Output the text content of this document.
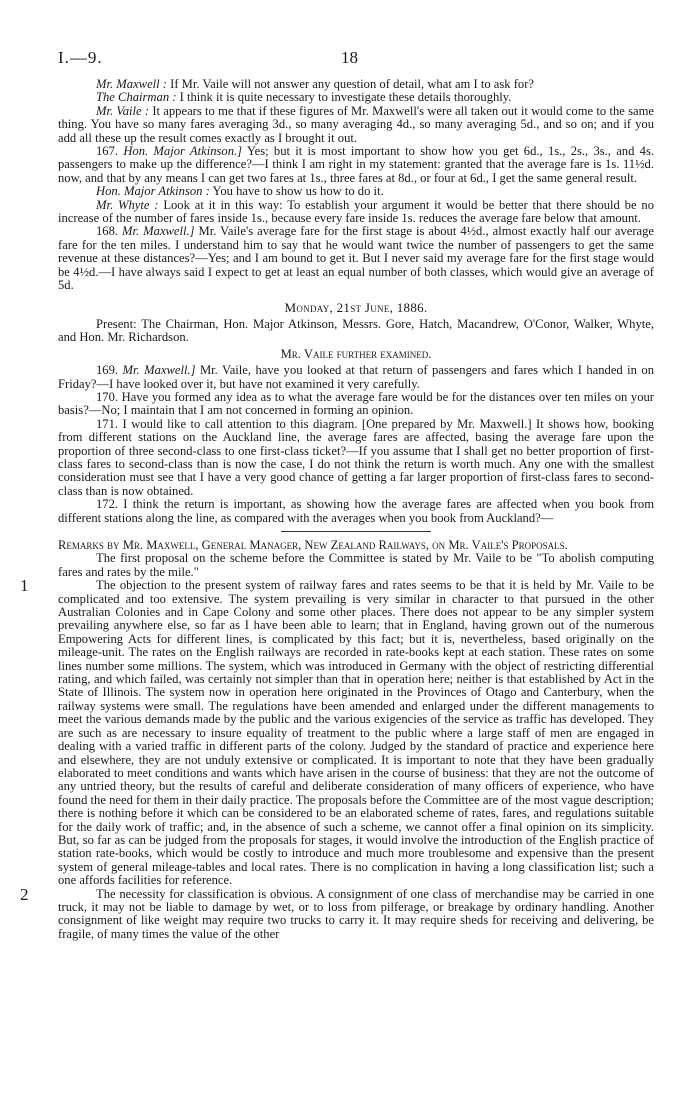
I.—9.	18

Mr. Maxwell : If Mr. Vaile will not answer any question of detail, what am I to ask for?

The Chairman : I think it is quite necessary to investigate these details thoroughly.

Mr. Vaile : It appears to me that if these figures of Mr. Maxwell's were all taken out it would come to the same thing. You have so many fares averaging 3d., so many averaging 4d., so many averaging 5d., and so on; and if you add all these up the result comes exactly as I brought it out.

167. Hon. Major Atkinson.] Yes; but it is most important to show how you get 6d., 1s., 2s., 3s., and 4s. passengers to make up the difference?—I think I am right in my statement: granted that the average fare is 1s. 11½d. now, and that by any means I can get two fares at 1s., three fares at 8d., or four at 6d., I get the same general result.

Hon. Major Atkinson : You have to show us how to do it.

Mr. Whyte : Look at it in this way: To establish your argument it would be better that there should be no increase of the number of fares inside 1s., because every fare inside 1s. reduces the average fare below that amount.

168. Mr. Maxwell.] Mr. Vaile's average fare for the first stage is about 4½d., almost exactly half our average fare for the ten miles. I understand him to say that he would want twice the number of passengers to get the same revenue at these distances?—Yes; and I am bound to get it. But I never said my average fare for the first stage would be 4½d.—I have always said I expect to get at least an equal number of both classes, which would give an average of 5d.

Monday, 21st June, 1886.

Present: The Chairman, Hon. Major Atkinson, Messrs. Gore, Hatch, Macandrew, O'Conor, Walker, Whyte, and Hon. Mr. Richardson.

Mr. Vaile further examined.

169. Mr. Maxwell.] Mr. Vaile, have you looked at that return of passengers and fares which I handed in on Friday?—I have looked over it, but have not examined it very carefully.

170. Have you formed any idea as to what the average fare would be for the distances over ten miles on your basis?—No; I maintain that I am not concerned in forming an opinion.

171. I would like to call attention to this diagram. [One prepared by Mr. Maxwell.] It shows how, booking from different stations on the Auckland line, the average fares are affected, basing the average fare upon the proportion of three second-class to one first-class ticket?—If you assume that I shall get no better proportion of first-class fares to second-class than is now the case, I do not think the return is worth much. Any one with the smallest consideration must see that I have a very good chance of getting a far larger proportion of first-class fares to second-class than is now obtained.

172. I think the return is important, as showing how the average fares are affected when you book from different stations along the line, as compared with the averages when you book from Auckland?—

Remarks by Mr. Maxwell, General Manager, New Zealand Railways, on Mr. Vaile's Proposals.

The first proposal on the scheme before the Committee is stated by Mr. Vaile to be "To abolish computing fares and rates by the mile."

1	The objection to the present system of railway fares and rates seems to be that it is held by Mr. Vaile to be complicated and too extensive. The system prevailing is very similar in character to that pursued in the other Australian Colonies and in Cape Colony and some other places. There does not appear to be any simpler system prevailing anywhere else, so far as I have been able to learn; that in England, having grown out of the numerous Empowering Acts for different lines, is complicated by this fact; but it is, nevertheless, based originally on the mileage-unit. The rates on the English railways are recorded in rate-books kept at each station. These rates on some lines number some millions. The system, which was introduced in Germany with the object of restricting differential rating, and which failed, was certainly not simpler than that in operation here; neither is that established by Act in the State of Illinois. The system now in operation here originated in the Provinces of Otago and Canterbury, when the railway systems were small. The regulations have been amended and enlarged under the different managements to meet the various demands made by the public and the various exigencies of the service as traffic has developed. They are such as are necessary to insure equality of treatment to the public where a large staff of men are engaged in dealing with a varied traffic in different parts of the colony. Judged by the standard of practice and experience here and elsewhere, they are not unduly extensive or complicated. It is important to note that they have been gradually elaborated to meet conditions and wants which have arisen in the course of business: that they are not the outcome of any untried theory, but the results of careful and deliberate consideration of many officers of experience, who have found the need for them in their daily practice. The proposals before the Committee are of the most vague description; there is nothing before it which can be considered to be an elaborated scheme of rates, fares, and regulations suitable for the daily work of traffic; and, in the absence of such a scheme, we cannot offer a final opinion on its simplicity. But, so far as can be judged from the proposals for stages, it would involve the introduction of the English practice of station rate-books, which would be costly to introduce and much more troublesome and expensive than the present system of general mileage-tables and local rates. There is no complication in having a long classification list; such a one affords facilities for reference.

2	The necessity for classification is obvious. A consignment of one class of merchandise may be carried in one truck, it may not be liable to damage by wet, or to loss from pilferage, or breakage by ordinary handling. Another consignment of like weight may require two trucks to carry it. It may require sheds for receiving and delivering, be fragile, of many times the value of the other
